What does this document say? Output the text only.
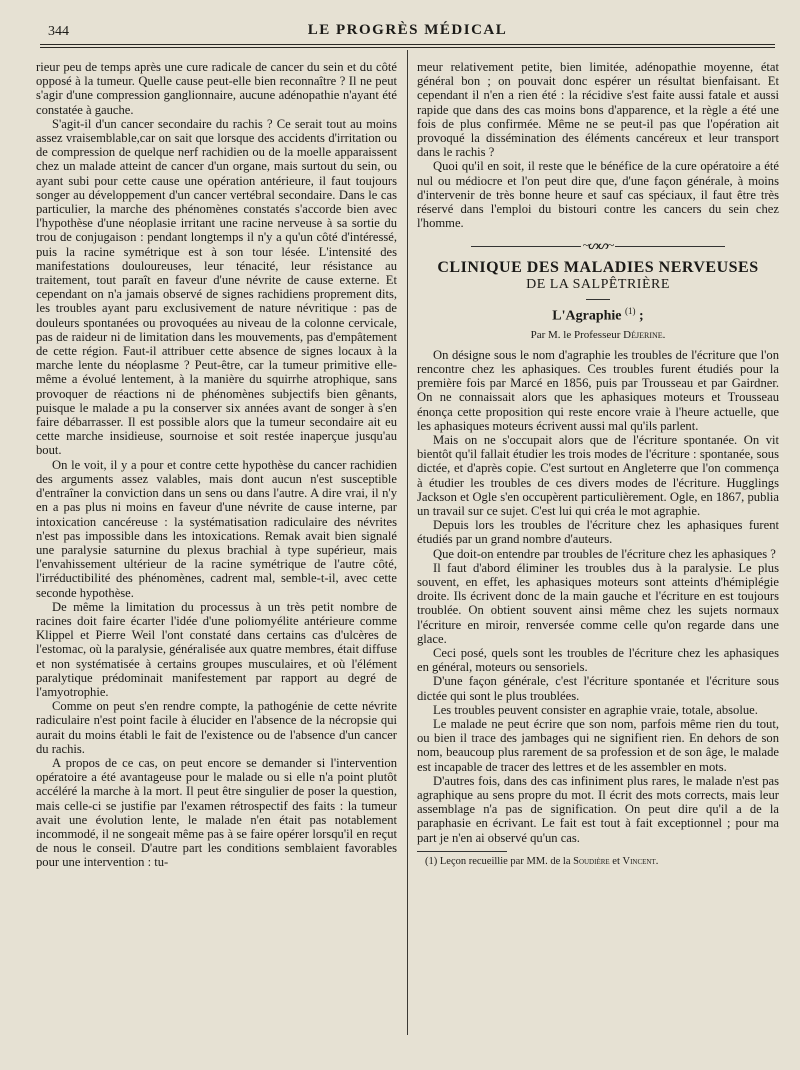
344	LE PROGRÈS MÉDICAL

rieur peu de temps après une cure radicale de cancer du sein et du côté opposé à la tumeur. Quelle cause peut-elle bien reconnaître ? Il ne peut s'agir d'une compression ganglionnaire, aucune adénopathie n'ayant été constatée à gauche.

S'agit-il d'un cancer secondaire du rachis ? Ce serait tout au moins assez vraisemblable,car on sait que lorsque des accidents d'irritation ou de compression de quelque nerf rachidien ou de la moelle apparaissent chez un malade atteint de cancer d'un organe, mais surtout du sein, ou ayant subi pour cette cause une opération antérieure, il faut toujours songer au développement d'un cancer vertébral secondaire. Dans le cas particulier, la marche des phénomènes constatés s'accorde bien avec l'hypothèse d'une néoplasie irritant une racine nerveuse à sa sortie du trou de conjugaison : pendant longtemps il n'y a qu'un côté d'intéressé, puis la racine symétrique est à son tour lésée. L'intensité des manifestations douloureuses, leur ténacité, leur résistance au traitement, tout paraît en faveur d'une névrite de cause externe. Et cependant on n'a jamais observé de signes rachidiens proprement dits, les troubles ayant paru exclusivement de nature névritique : pas de douleurs spontanées ou provoquées au niveau de la colonne cervicale, pas de raideur ni de limitation dans les mouvements, pas d'empâtement de cette région. Faut-il attribuer cette absence de signes locaux à la marche lente du néoplasme ? Peut-être, car la tumeur primitive elle-même a évolué lentement, à la manière du squirrhe atrophique, sans provoquer de réactions ni de phénomènes subjectifs bien gênants, puisque le malade a pu la conserver six années avant de songer à s'en faire débarrasser. Il est possible alors que la tumeur secondaire ait eu cette marche insidieuse, sournoise et soit restée inaperçue jusqu'au bout.

On le voit, il y a pour et contre cette hypothèse du cancer rachidien des arguments assez valables, mais dont aucun n'est susceptible d'entraîner la conviction dans un sens ou dans l'autre. A dire vrai, il n'y en a pas plus ni moins en faveur d'une névrite de cause interne, par intoxication cancéreuse : la systématisation radiculaire des névrites n'est pas impossible dans les intoxications. Remak avait bien signalé une paralysie saturnine du plexus brachial à type supérieur, mais l'envahissement ultérieur de la racine symétrique de l'autre côté, l'irréductibilité des phénomènes, cadrent mal, semble-t-il, avec cette seconde hypothèse.

De même la limitation du processus à un très petit nombre de racines doit faire écarter l'idée d'une poliomyélite antérieure comme Klippel et Pierre Weil l'ont constaté dans certains cas d'ulcères de l'estomac, où la paralysie, généralisée aux quatre membres, était diffuse et non systématisée à certains groupes musculaires, et où l'élément paralytique prédominait manifestement par rapport au degré de l'amyotrophie.

Comme on peut s'en rendre compte, la pathogénie de cette névrite radiculaire n'est point facile à élucider en l'absence de la nécropsie qui aurait du moins établi le fait de l'existence ou de l'absence d'un cancer du rachis.

A propos de ce cas, on peut encore se demander si l'intervention opératoire a été avantageuse pour le malade ou si elle n'a point plutôt accéléré la marche à la mort. Il peut être singulier de poser la question, mais celle-ci se justifie par l'examen rétrospectif des faits : la tumeur avait une évolution lente, le malade n'en était pas notablement incommodé, il ne songeait même pas à se faire opérer lorsqu'il en reçut de nous le conseil. D'autre part les conditions semblaient favorables pour une intervention : tu-

meur relativement petite, bien limitée, adénopathie moyenne, état général bon ; on pouvait donc espérer un résultat bienfaisant. Et cependant il n'en a rien été : la récidive s'est faite aussi fatale et aussi rapide que dans des cas moins bons d'apparence, et la règle a été une fois de plus confirmée. Même ne se peut-il pas que l'opération ait provoqué la dissémination des éléments cancéreux et leur transport dans le rachis ?

Quoi qu'il en soit, il reste que le bénéfice de la cure opératoire a été nul ou médiocre et l'on peut dire que, d'une façon générale, à moins d'intervenir de très bonne heure et sauf cas spéciaux, il faut être très réservé dans l'emploi du bistouri contre les cancers du sein chez l'homme.

~ᔕᔕ~
CLINIQUE DES MALADIES NERVEUSES
DE LA SALPÊTRIÈRE
L'Agraphie $^{(1)}$ ;
Par M. le Professeur Déjerine.

On désigne sous le nom d'agraphie les troubles de l'écriture que l'on rencontre chez les aphasiques. Ces troubles furent étudiés pour la première fois par Marcé en 1856, puis par Trousseau et par Gairdner. On ne connaissait alors que les aphasiques moteurs et Trousseau énonça cette proposition qui reste encore vraie à l'heure actuelle, que les aphasiques moteurs écrivent aussi mal qu'ils parlent.

Mais on ne s'occupait alors que de l'écriture spontanée. On vit bientôt qu'il fallait étudier les trois modes de l'écriture : spontanée, sous dictée, et d'après copie. C'est surtout en Angleterre que l'on commença à étudier les troubles de ces divers modes de l'écriture. Hugglings Jackson et Ogle s'en occupèrent particulièrement. Ogle, en 1867, publia un travail sur ce sujet. C'est lui qui créa le mot agraphie.

Depuis lors les troubles de l'écriture chez les aphasiques furent étudiés par un grand nombre d'auteurs.

Que doit-on entendre par troubles de l'écriture chez les aphasiques ?

Il faut d'abord éliminer les troubles dus à la paralysie. Le plus souvent, en effet, les aphasiques moteurs sont atteints d'hémiplégie droite. Ils écrivent donc de la main gauche et l'écriture en est toujours troublée. On obtient souvent ainsi même chez les sujets normaux l'écriture en miroir, renversée comme celle qu'on regarde dans une glace.

Ceci posé, quels sont les troubles de l'écriture chez les aphasiques en général, moteurs ou sensoriels.

D'une façon générale, c'est l'écriture spontanée et l'écriture sous dictée qui sont le plus troublées.

Les troubles peuvent consister en agraphie vraie, totale, absolue.

Le malade ne peut écrire que son nom, parfois même rien du tout, ou bien il trace des jambages qui ne signifient rien. En dehors de son nom, beaucoup plus rarement de sa profession et de son âge, le malade est incapable de tracer des lettres et de les assembler en mots.

D'autres fois, dans des cas infiniment plus rares, le malade n'est pas agraphique au sens propre du mot. Il écrit des mots corrects, mais leur assemblage n'a pas de signification. On peut dire qu'il a de la paraphasie en écrivant. Le fait est tout à fait exceptionnel ; pour ma part je n'en ai observé qu'un cas.

(1) Leçon recueillie par MM. de la Soudière et Vincent.
